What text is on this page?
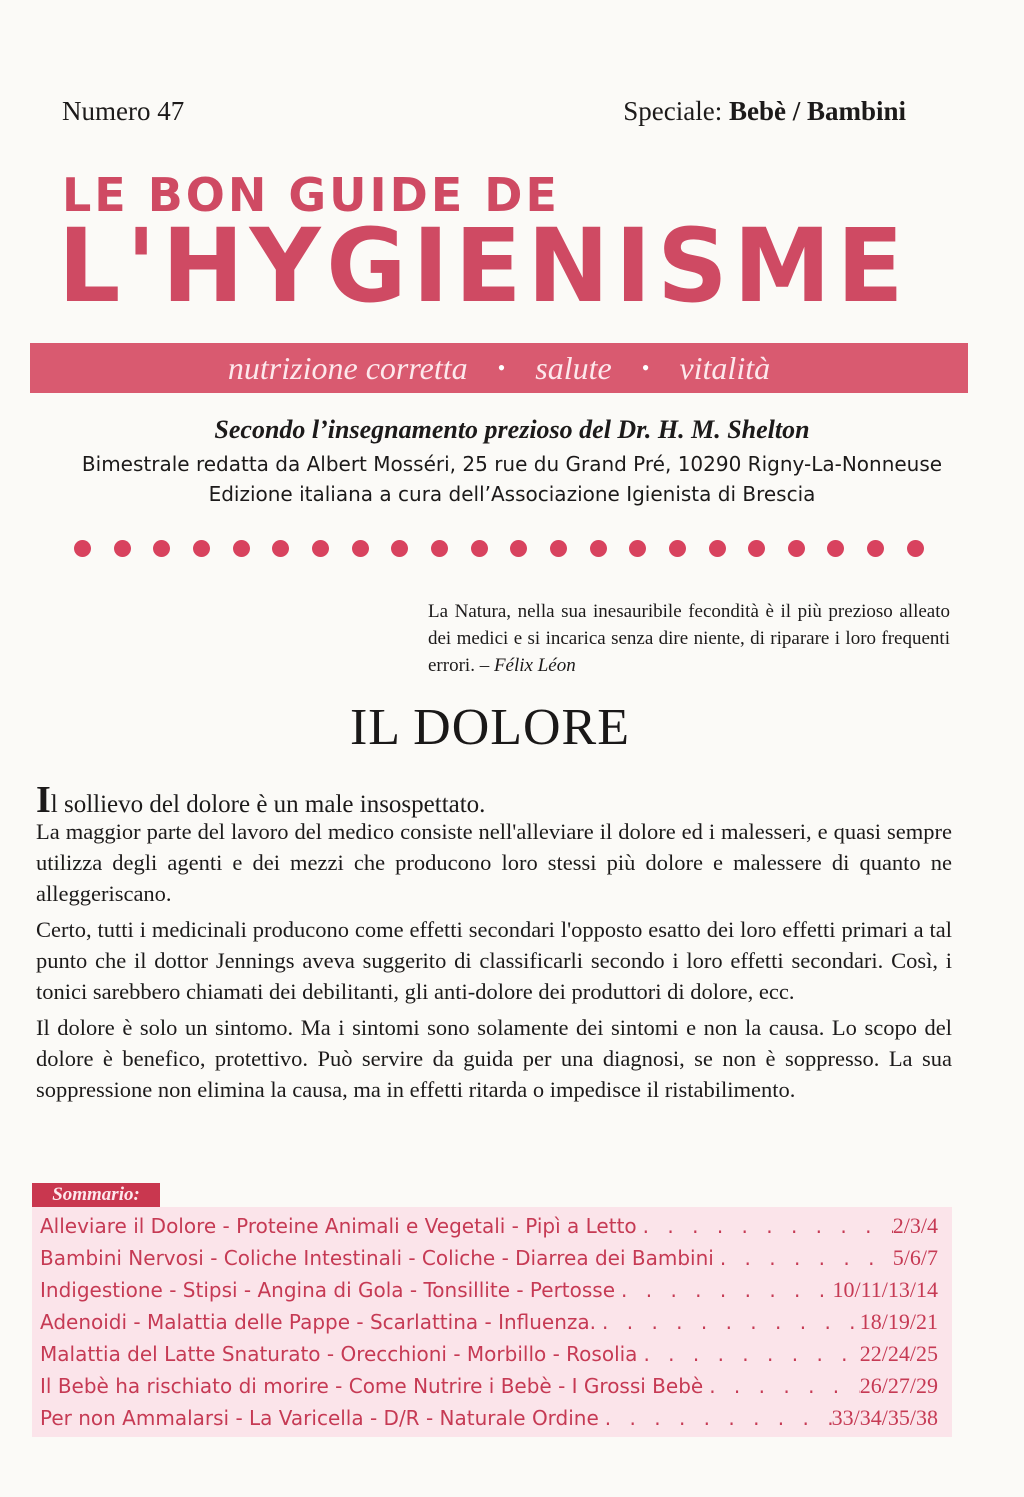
Numero 47	Speciale: Bebè / Bambini
LE BON GUIDE DE
L'HYGIENISME
nutrizione corretta • salute • vitalità
Secondo l’insegnamento prezioso del Dr. H. M. Shelton
Bimestrale redatta da Albert Mosséri, 25 rue du Grand Pré, 10290 Rigny-La-Nonneuse
Edizione italiana a cura dell’Associazione Igienista di Brescia
La Natura, nella sua inesauribile fecondità è il più prezioso alleato dei medici e si incarica senza dire niente, di riparare i loro frequenti errori. – Félix Léon
IL DOLORE
Il sollievo del dolore è un male insospettato.

La maggior parte del lavoro del medico consiste nell'alleviare il dolore ed i malesseri, e quasi sempre utilizza degli agenti e dei mezzi che producono loro stessi più dolore e malessere di quanto ne alleggeriscano.

Certo, tutti i medicinali producono come effetti secondari l'opposto esatto dei loro effetti primari a tal punto che il dottor Jennings aveva suggerito di classificarli secondo i loro effetti secondari. Così, i tonici sarebbero chiamati dei debilitanti, gli anti-dolore dei produttori di dolore, ecc.

Il dolore è solo un sintomo. Ma i sintomi sono solamente dei sintomi e non la causa. Lo scopo del dolore è benefico, protettivo. Può servire da guida per una diagnosi, se non è soppresso. La sua soppressione non elimina la causa, ma in effetti ritarda o impedisce il ristabilimento.

Sommario:
Alleviare il Dolore - Proteine Animali e Vegetali - Pipì a Letto . . .	2/3/4
Bambini Nervosi - Coliche Intestinali - Coliche - Diarrea dei Bambini . . .	5/6/7
Indigestione - Stipsi - Angina di Gola - Tonsillite - Pertosse . . .	10/11/13/14
Adenoidi - Malattia delle Pappe - Scarlattina - Influenza. . . .	18/19/21
Malattia del Latte Snaturato - Orecchioni - Morbillo - Rosolia . . .	22/24/25
Il Bebè ha rischiato di morire - Come Nutrire i Bebè - I Grossi Bebè . . .	26/27/29
Per non Ammalarsi - La Varicella - D/R - Naturale Ordine . . .	33/34/35/38
